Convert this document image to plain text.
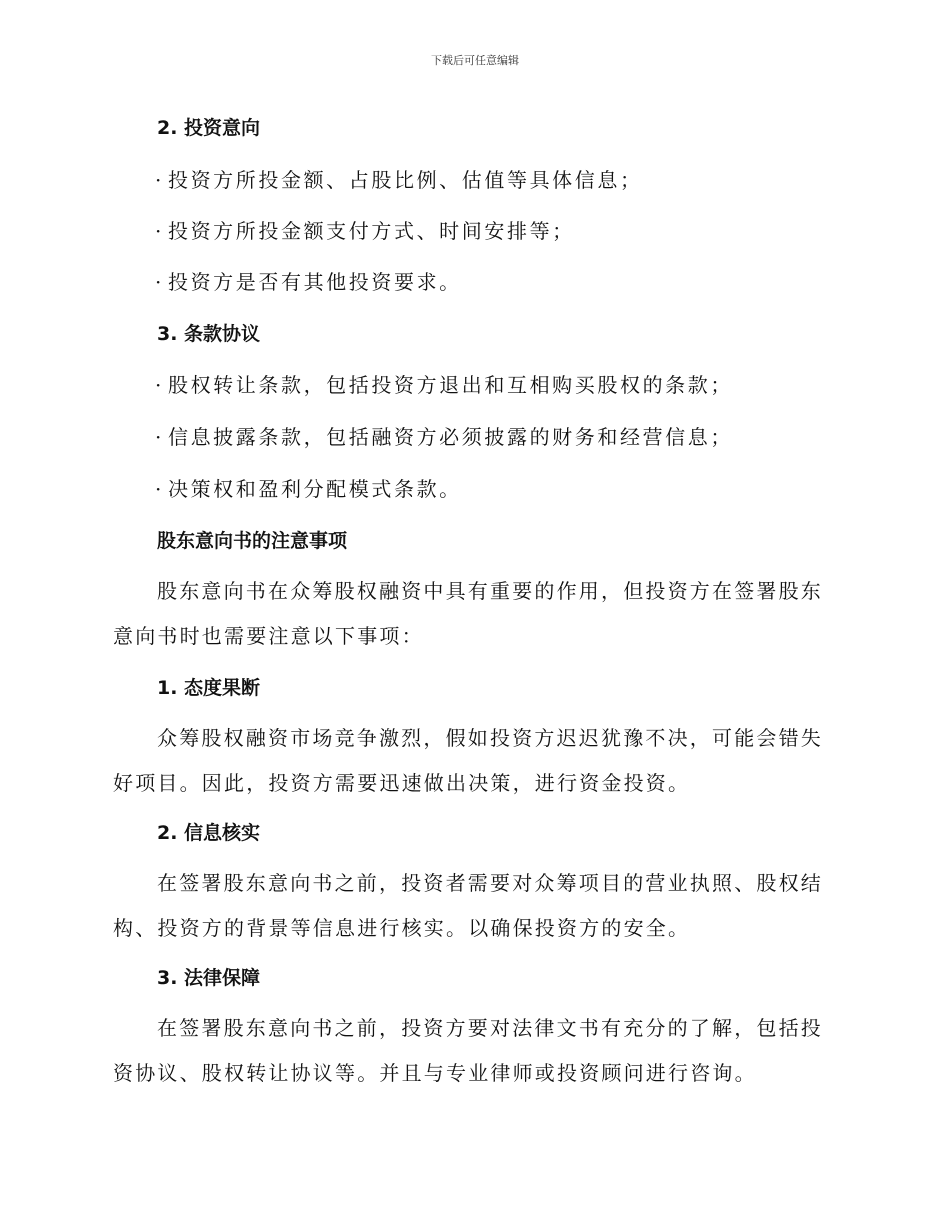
下载后可任意编辑
2. 投资意向
· 投资方所投金额、占股比例、估值等具体信息；
· 投资方所投金额支付方式、时间安排等；
· 投资方是否有其他投资要求。
3. 条款协议
· 股权转让条款，包括投资方退出和互相购买股权的条款；
· 信息披露条款，包括融资方必须披露的财务和经营信息；
· 决策权和盈利分配模式条款。
股东意向书的注意事项
股东意向书在众筹股权融资中具有重要的作用，但投资方在签署股东意向书时也需要注意以下事项：
1. 态度果断
众筹股权融资市场竞争激烈，假如投资方迟迟犹豫不决，可能会错失好项目。因此，投资方需要迅速做出决策，进行资金投资。
2. 信息核实
在签署股东意向书之前，投资者需要对众筹项目的营业执照、股权结构、投资方的背景等信息进行核实。以确保投资方的安全。
3. 法律保障
在签署股东意向书之前，投资方要对法律文书有充分的了解，包括投资协议、股权转让协议等。并且与专业律师或投资顾问进行咨询。
